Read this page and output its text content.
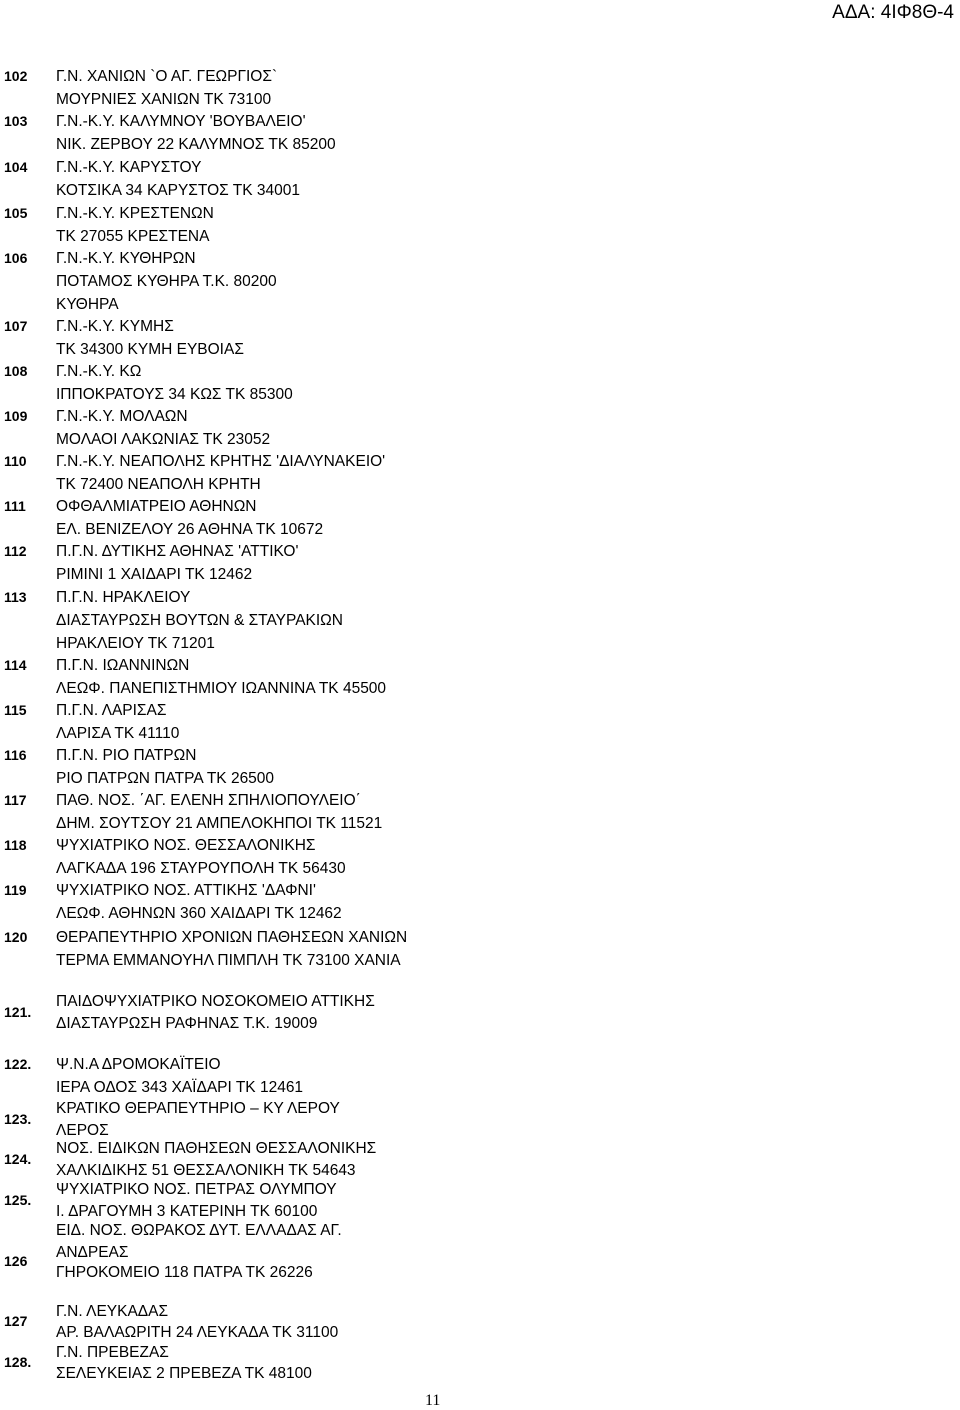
ΑΔΑ: 4ΙΦ8Θ-4
102 Γ.Ν. ΧΑΝΙΩΝ `Ο ΑΓ. ΓΕΩΡΓΙΟΣ`
ΜΟΥΡΝΙΕΣ ΧΑΝΙΩΝ ΤΚ 73100
103 Γ.Ν.-Κ.Υ. ΚΑΛΥΜΝΟΥ 'ΒΟΥΒΑΛΕΙΟ'
ΝΙΚ. ΖΕΡΒΟΥ 22 ΚΑΛΥΜΝΟΣ ΤΚ 85200
104 Γ.Ν.-Κ.Υ. ΚΑΡΥΣΤΟΥ
ΚΟΤΣΙΚΑ 34 ΚΑΡΥΣΤΟΣ ΤΚ 34001
105 Γ.Ν.-Κ.Υ. ΚΡΕΣΤΕΝΩΝ
ΤΚ 27055 ΚΡΕΣΤΕΝΑ
106 Γ.Ν.-Κ.Υ. ΚΥΘΗΡΩΝ
ΠΟΤΑΜΟΣ ΚΥΘΗΡΑ Τ.Κ. 80200
ΚΥΘΗΡΑ
107 Γ.Ν.-Κ.Υ. ΚΥΜΗΣ
ΤΚ 34300 ΚΥΜΗ ΕΥΒΟΙΑΣ
108 Γ.Ν.-Κ.Υ. ΚΩ
ΙΠΠΟΚΡΑΤΟΥΣ 34 ΚΩΣ ΤΚ 85300
109 Γ.Ν.-Κ.Υ. ΜΟΛΑΩΝ
ΜΟΛΑΟΙ ΛΑΚΩΝΙΑΣ ΤΚ 23052
110 Γ.Ν.-Κ.Υ. ΝΕΑΠΟΛΗΣ ΚΡΗΤΗΣ 'ΔΙΑΛΥΝΑΚΕΙΟ'
ΤΚ 72400 ΝΕΑΠΟΛΗ ΚΡΗΤΗ
111 ΟΦΘΑΛΜΙΑΤΡΕΙΟ ΑΘΗΝΩΝ
ΕΛ. ΒΕΝΙΖΕΛΟΥ 26 ΑΘΗΝΑ ΤΚ 10672
112 Π.Γ.Ν. ΔΥΤΙΚΗΣ ΑΘΗΝΑΣ 'ΑΤΤΙΚΟ'
ΡΙΜΙΝΙ 1 ΧΑΙΔΑΡΙ ΤΚ 12462
113 Π.Γ.Ν. ΗΡΑΚΛΕΙΟΥ
ΔΙΑΣΤΑΥΡΩΣΗ ΒΟΥΤΩΝ & ΣΤΑΥΡΑΚΙΩΝ
ΗΡΑΚΛΕΙΟΥ ΤΚ 71201
114 Π.Γ.Ν. ΙΩΑΝΝΙΝΩΝ
ΛΕΩΦ. ΠΑΝΕΠΙΣΤΗΜΙΟΥ ΙΩΑΝΝΙΝΑ ΤΚ 45500
115 Π.Γ.Ν. ΛΑΡΙΣΑΣ
ΛΑΡΙΣΑ ΤΚ 41110
116 Π.Γ.Ν. ΡΙΟ ΠΑΤΡΩΝ
ΡΙΟ ΠΑΤΡΩΝ ΠΑΤΡΑ ΤΚ 26500
117 ΠΑΘ. ΝΟΣ. ΄ΑΓ. ΕΛΕΝΗ ΣΠΗΛΙΟΠΟΥΛΕΙΟ΄
ΔΗΜ. ΣΟΥΤΣΟΥ 21 ΑΜΠΕΛΟΚΗΠΟΙ ΤΚ 11521
118 ΨΥΧΙΑΤΡΙΚΟ ΝΟΣ. ΘΕΣΣΑΛΟΝΙΚΗΣ
ΛΑΓΚΑΔΑ 196 ΣΤΑΥΡΟΥΠΟΛΗ ΤΚ 56430
119 ΨΥΧΙΑΤΡΙΚΟ ΝΟΣ. ΑΤΤΙΚΗΣ 'ΔΑΦΝΙ'
ΛΕΩΦ. ΑΘΗΝΩΝ 360 ΧΑΙΔΑΡΙ ΤΚ 12462
120 ΘΕΡΑΠΕΥΤΗΡΙΟ ΧΡΟΝΙΩΝ ΠΑΘΗΣΕΩΝ ΧΑΝΙΩΝ
ΤΕΡΜΑ ΕΜΜΑΝΟΥΗΛ ΠΙΜΠΛΗ ΤΚ 73100 ΧΑΝΙΑ
121.
ΠΑΙΔΟΨΥΧΙΑΤΡΙΚΟ ΝΟΣΟΚΟΜΕΙΟ ΑΤΤΙΚΗΣ
ΔΙΑΣΤΑΥΡΩΣΗ ΡΑΦΗΝΑΣ Τ.Κ. 19009
122. Ψ.Ν.Α ΔΡΟΜΟΚΑΪΤΕΙΟ
ΙΕΡΑ ΟΔΟΣ 343 ΧΑΪΔΑΡΙ ΤΚ 12461
123.
ΚΡΑΤΙΚΟ ΘΕΡΑΠΕΥΤΗΡΙΟ – ΚΥ ΛΕΡΟΥ
ΛΕΡΟΣ
124.
ΝΟΣ. ΕΙΔΙΚΩΝ ΠΑΘΗΣΕΩΝ ΘΕΣΣΑΛΟΝΙΚΗΣ
ΧΑΛΚΙΔΙΚΗΣ 51 ΘΕΣΣΑΛΟΝΙΚΗ ΤΚ 54643
125.
ΨΥΧΙΑΤΡΙΚΟ ΝΟΣ. ΠΕΤΡΑΣ ΟΛΥΜΠΟΥ
Ι. ΔΡΑΓΟΥΜΗ 3 ΚΑΤΕΡΙΝΗ ΤΚ 60100
126
ΕΙΔ. ΝΟΣ. ΘΩΡΑΚΟΣ ΔΥΤ. ΕΛΛΑΔΑΣ ΑΓ.
ΑΝΔΡΕΑΣ
ΓΗΡΟΚΟΜΕΙΟ 118 ΠΑΤΡΑ ΤΚ 26226
127
Γ.Ν. ΛΕΥΚΑΔΑΣ
ΑΡ. ΒΑΛΑΩΡΙΤΗ 24 ΛΕΥΚΑΔΑ ΤΚ 31100
128.
Γ.Ν. ΠΡΕΒΕΖΑΣ
ΣΕΛΕΥΚΕΙΑΣ 2 ΠΡΕΒΕΖΑ ΤΚ 48100
11
